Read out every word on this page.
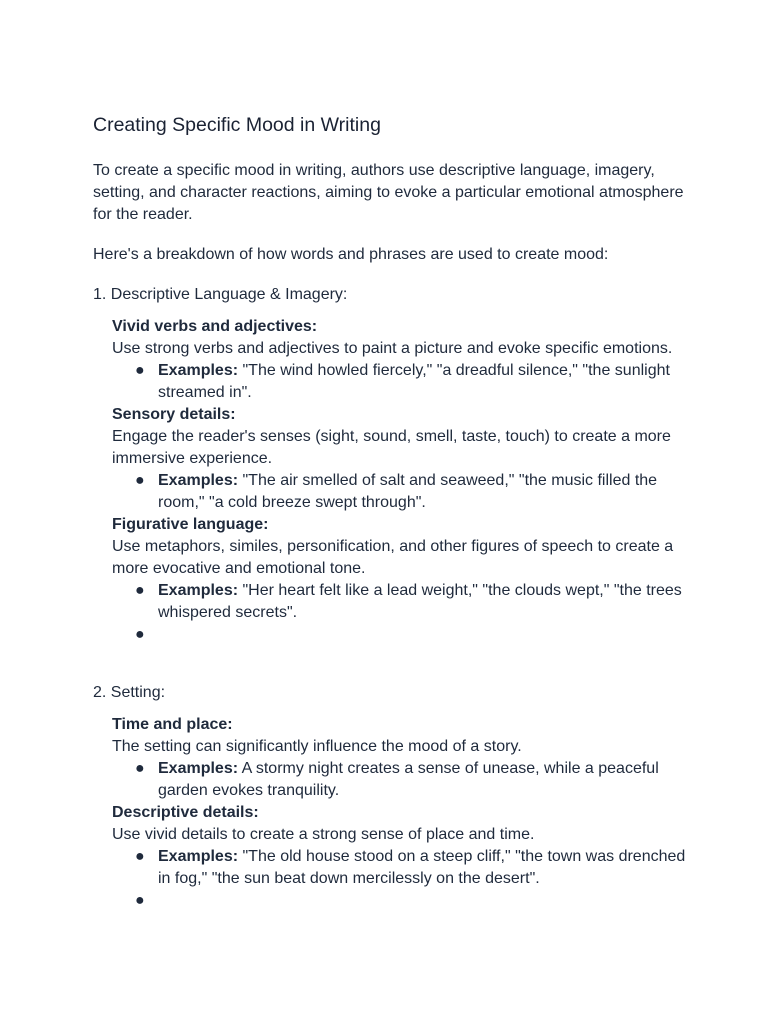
Creating Specific Mood in Writing

To create a specific mood in writing, authors use descriptive language, imagery, setting, and character reactions, aiming to evoke a particular emotional atmosphere for the reader.

Here's a breakdown of how words and phrases are used to create mood:

1. Descriptive Language & Imagery:

Vivid verbs and adjectives:

Use strong verbs and adjectives to paint a picture and evoke specific emotions.

● Examples: "The wind howled fiercely," "a dreadful silence," "the sunlight streamed in".

Sensory details:

Engage the reader's senses (sight, sound, smell, taste, touch) to create a more immersive experience.

● Examples: "The air smelled of salt and seaweed," "the music filled the room," "a cold breeze swept through".

Figurative language:

Use metaphors, similes, personification, and other figures of speech to create a more evocative and emotional tone.

● Examples: "Her heart felt like a lead weight," "the clouds wept," "the trees whispered secrets".
●

2. Setting:

Time and place:

The setting can significantly influence the mood of a story.

● Examples: A stormy night creates a sense of unease, while a peaceful garden evokes tranquility.

Descriptive details:

Use vivid details to create a strong sense of place and time.

● Examples: "The old house stood on a steep cliff," "the town was drenched in fog," "the sun beat down mercilessly on the desert".
●
